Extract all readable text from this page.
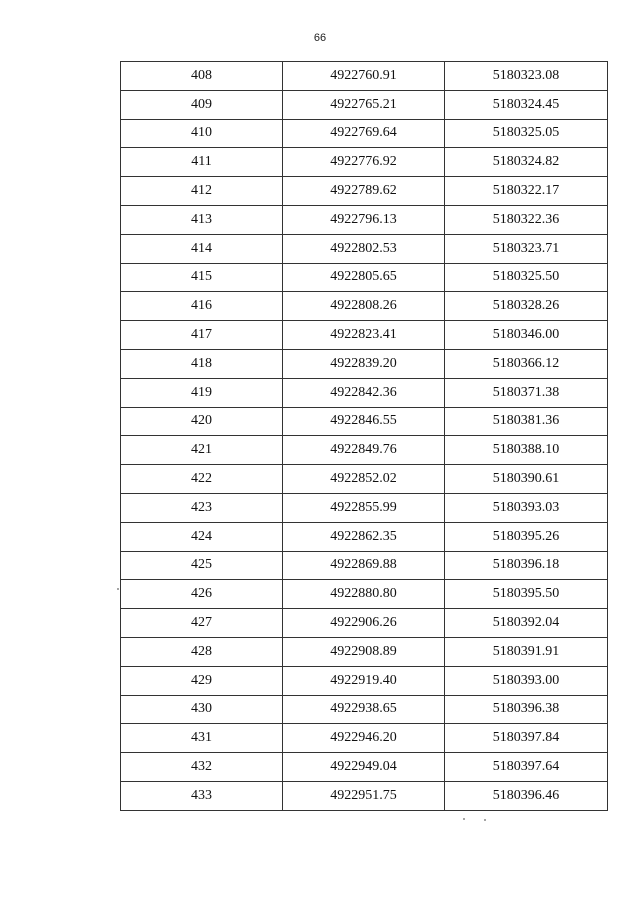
66
408	4922760.91	5180323.08
409	4922765.21	5180324.45
410	4922769.64	5180325.05
411	4922776.92	5180324.82
412	4922789.62	5180322.17
413	4922796.13	5180322.36
414	4922802.53	5180323.71
415	4922805.65	5180325.50
416	4922808.26	5180328.26
417	4922823.41	5180346.00
418	4922839.20	5180366.12
419	4922842.36	5180371.38
420	4922846.55	5180381.36
421	4922849.76	5180388.10
422	4922852.02	5180390.61
423	4922855.99	5180393.03
424	4922862.35	5180395.26
425	4922869.88	5180396.18
426	4922880.80	5180395.50
427	4922906.26	5180392.04
428	4922908.89	5180391.91
429	4922919.40	5180393.00
430	4922938.65	5180396.38
431	4922946.20	5180397.84
432	4922949.04	5180397.64
433	4922951.75	5180396.46
